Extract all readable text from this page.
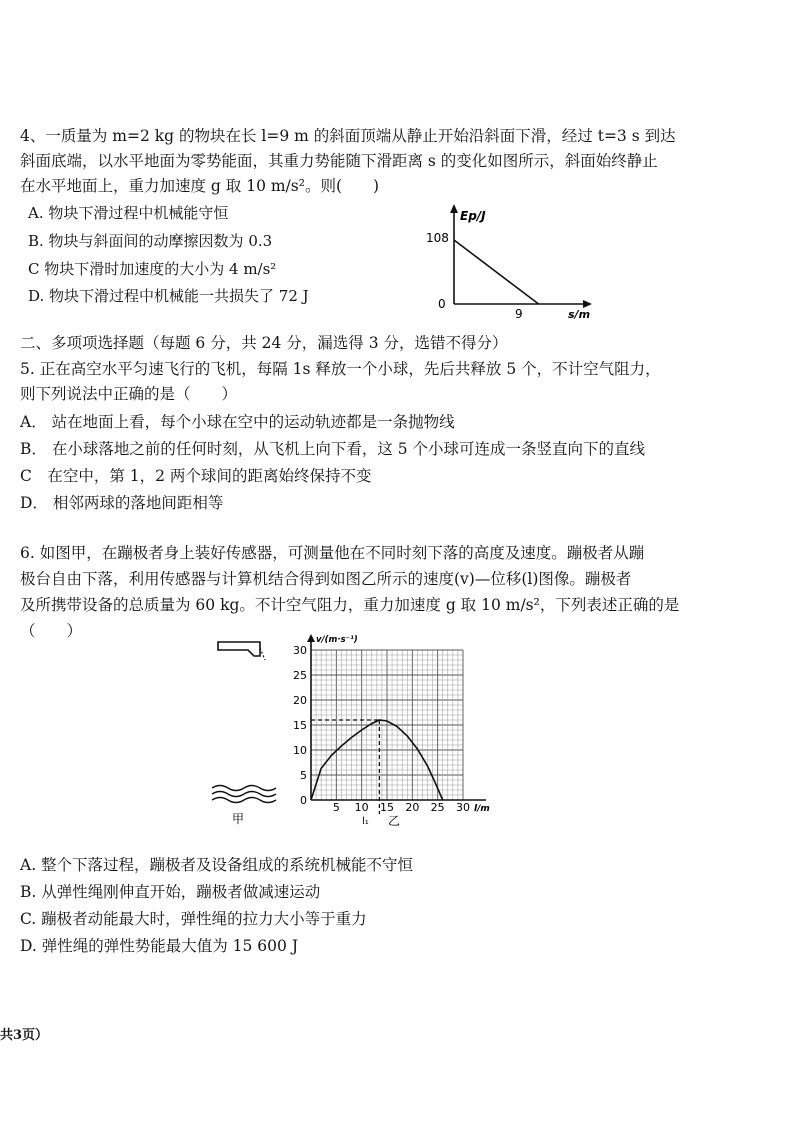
4、一质量为 m=2 kg 的物块在长 l=9 m 的斜面顶端从静止开始沿斜面下滑，经过 t=3 s 到达
斜面底端，以水平地面为零势能面，其重力势能随下滑距离 s 的变化如图所示，斜面始终静止
在水平地面上，重力加速度 g 取 10 m/s²。则(　　)
A. 物块下滑过程中机械能守恒
B. 物块与斜面间的动摩擦因数为 0.3
C 物块下滑时加速度的大小为 4 m/s²
D. 物块下滑过程中机械能一共损失了 72 J
Ep/J
s/m
108
9
0
二、多项项选择题（每题 6 分，共 24 分，漏选得 3 分，选错不得分）
5. 正在高空水平匀速飞行的飞机，每隔 1s 释放一个小球，先后共释放 5 个，不计空气阻力，
则下列说法中正确的是（　　）
A． 站在地面上看，每个小球在空中的运动轨迹都是一条抛物线
B． 在小球落地之前的任何时刻，从飞机上向下看，这 5 个小球可连成一条竖直向下的直线
C　在空中，第 1，2 两个球间的距离始终保持不变
D． 相邻两球的落地间距相等
6. 如图甲，在蹦极者身上装好传感器，可测量他在不同时刻下落的高度及速度。蹦极者从蹦
极台自由下落，利用传感器与计算机结合得到如图乙所示的速度(v)—位移(l)图像。蹦极者
及所携带设备的总质量为 60 kg。不计空气阻力，重力加速度 g 取 10 m/s²，下列表述正确的是
（　　）
甲
0
5
10
15
20
25
30
5 10 15 20 25 30
v/(m·s⁻¹)
l/m
l₁ 乙
A. 整个下落过程，蹦极者及设备组成的系统机械能不守恒
B. 从弹性绳刚伸直开始，蹦极者做减速运动
C. 蹦极者动能最大时，弹性绳的拉力大小等于重力
D. 弹性绳的弹性势能最大值为 15 600 J
共3页）
